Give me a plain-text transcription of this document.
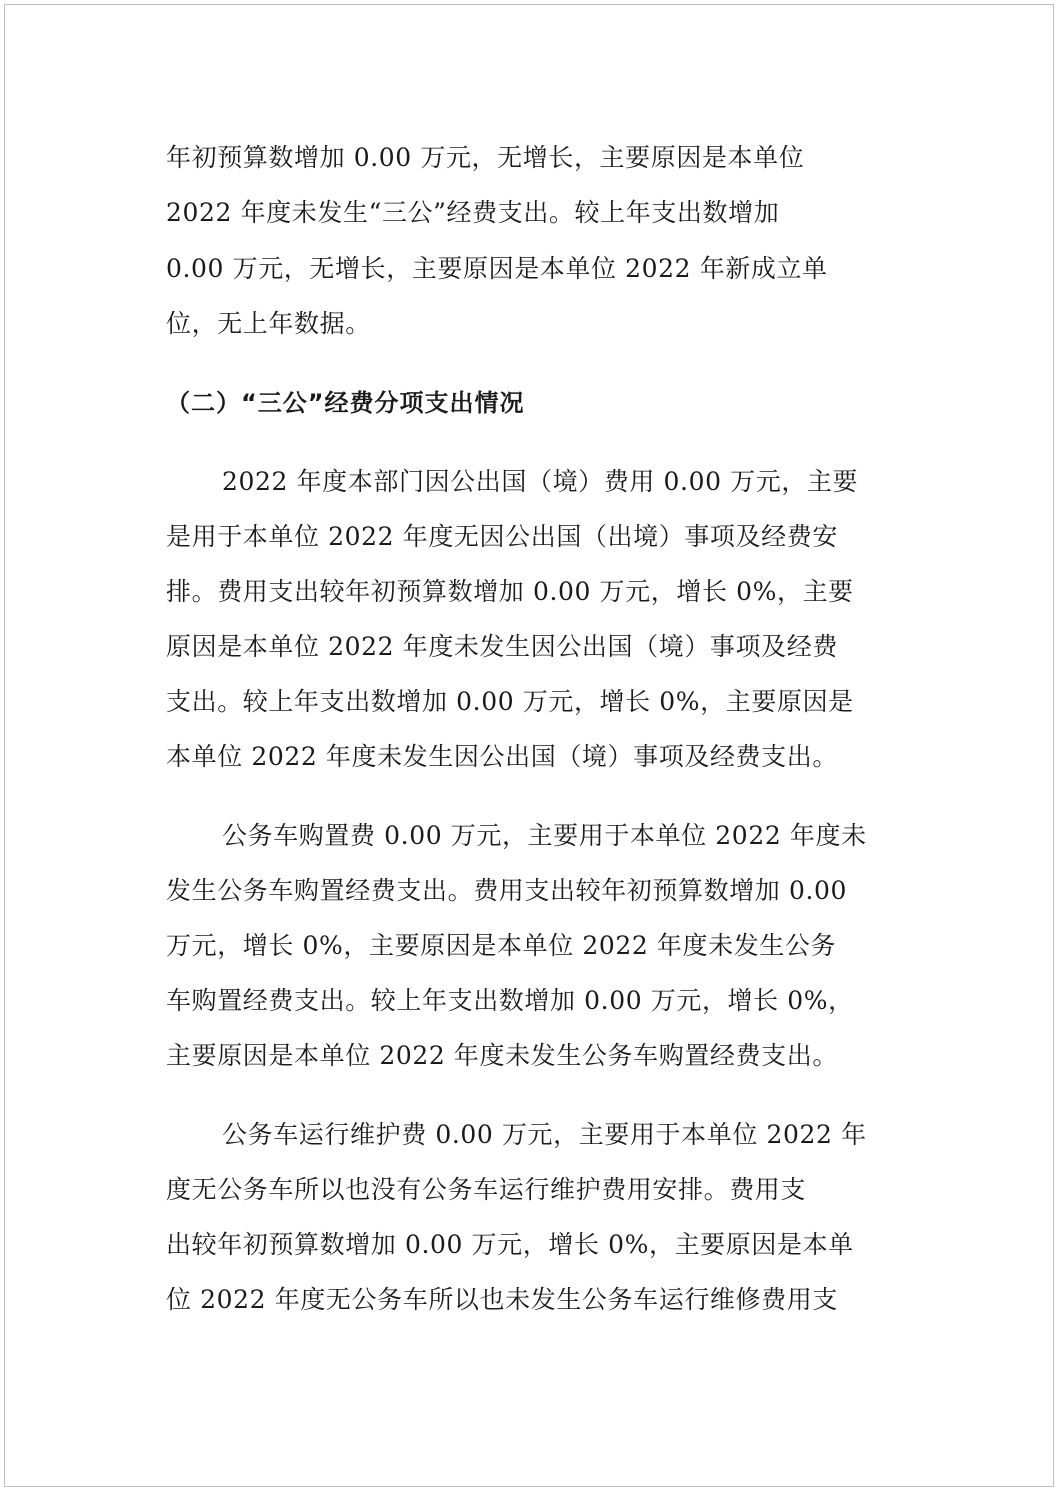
年初预算数增加 0.00 万元，无增长，主要原因是本单位

2022 年度未发生“三公”经费支出。较上年支出数增加

0.00 万元，无增长，主要原因是本单位 2022 年新成立单

位，无上年数据。

（二）“三公”经费分项支出情况

2022 年度本部门因公出国（境）费用 0.00 万元，主要

是用于本单位 2022 年度无因公出国（出境）事项及经费安

排。费用支出较年初预算数增加 0.00 万元，增长 0%，主要

原因是本单位 2022 年度未发生因公出国（境）事项及经费

支出。较上年支出数增加 0.00 万元，增长 0%，主要原因是

本单位 2022 年度未发生因公出国（境）事项及经费支出。

公务车购置费 0.00 万元，主要用于本单位 2022 年度未

发生公务车购置经费支出。费用支出较年初预算数增加 0.00

万元，增长 0%，主要原因是本单位 2022 年度未发生公务

车购置经费支出。较上年支出数增加 0.00 万元，增长 0%，

主要原因是本单位 2022 年度未发生公务车购置经费支出。

公务车运行维护费 0.00 万元，主要用于本单位 2022 年

度无公务车所以也没有公务车运行维护费用安排。费用支

出较年初预算数增加 0.00 万元，增长 0%，主要原因是本单

位 2022 年度无公务车所以也未发生公务车运行维修费用支
